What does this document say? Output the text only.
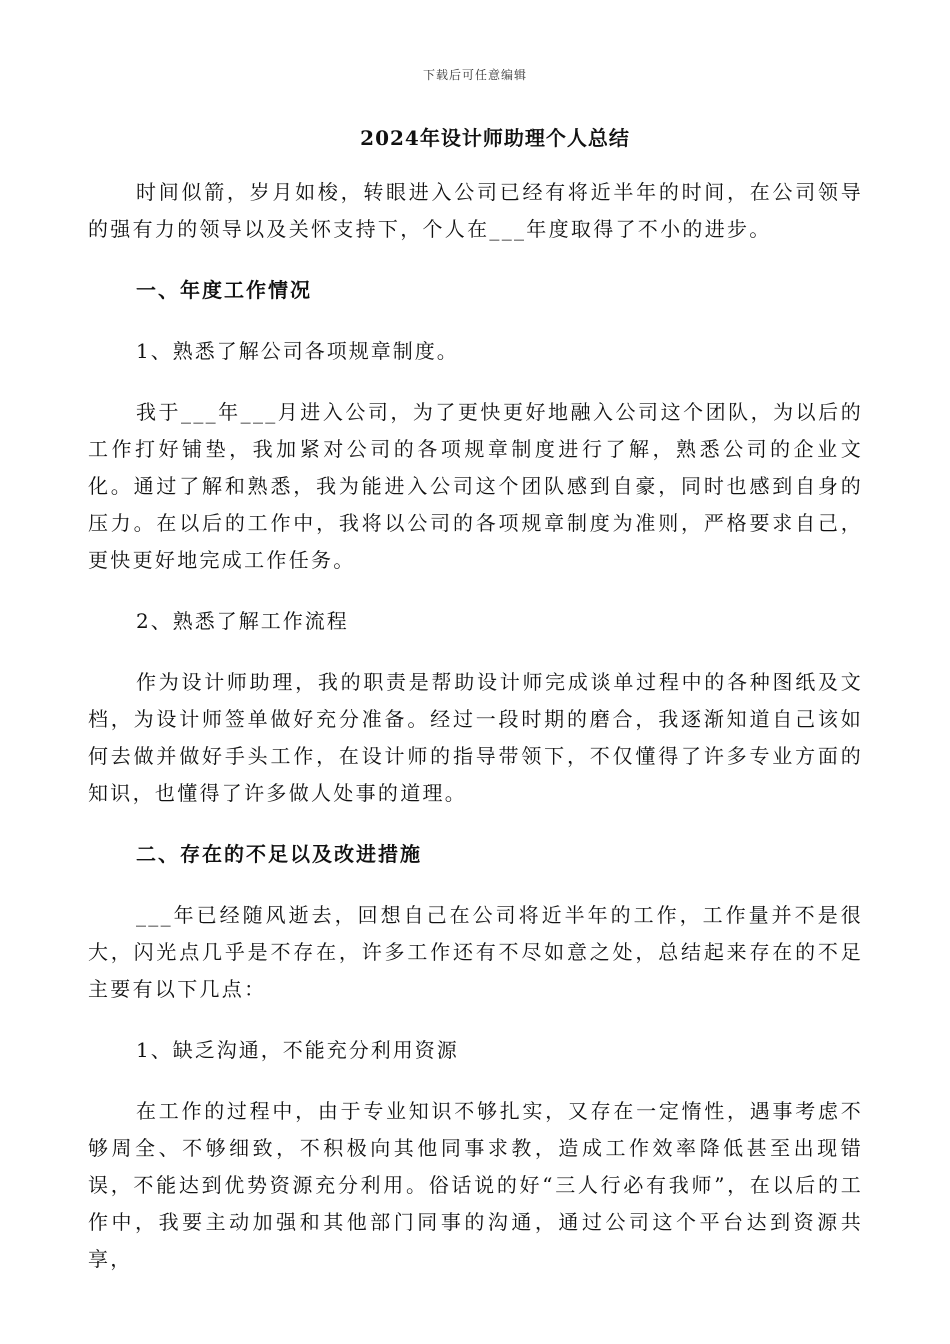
下载后可任意编辑
2024年设计师助理个人总结

时间似箭，岁月如梭，转眼进入公司已经有将近半年的时间，在公司领导的强有力的领导以及关怀支持下，个人在___年度取得了不小的进步。

一、年度工作情况
1、熟悉了解公司各项规章制度。

我于___年___月进入公司，为了更快更好地融入公司这个团队，为以后的工作打好铺垫，我加紧对公司的各项规章制度进行了解，熟悉公司的企业文化。通过了解和熟悉，我为能进入公司这个团队感到自豪，同时也感到自身的压力。在以后的工作中，我将以公司的各项规章制度为准则，严格要求自己，更快更好地完成工作任务。

2、熟悉了解工作流程

作为设计师助理，我的职责是帮助设计师完成谈单过程中的各种图纸及文档，为设计师签单做好充分准备。经过一段时期的磨合，我逐渐知道自己该如何去做并做好手头工作，在设计师的指导带领下，不仅懂得了许多专业方面的知识，也懂得了许多做人处事的道理。

二、存在的不足以及改进措施

___年已经随风逝去，回想自己在公司将近半年的工作，工作量并不是很大，闪光点几乎是不存在，许多工作还有不尽如意之处，总结起来存在的不足主要有以下几点：

1、缺乏沟通，不能充分利用资源

在工作的过程中，由于专业知识不够扎实，又存在一定惰性，遇事考虑不够周全、不够细致，不积极向其他同事求教，造成工作效率降低甚至出现错误，不能达到优势资源充分利用。俗话说的好“三人行必有我师”，在以后的工作中，我要主动加强和其他部门同事的沟通，通过公司这个平台达到资源共享，
